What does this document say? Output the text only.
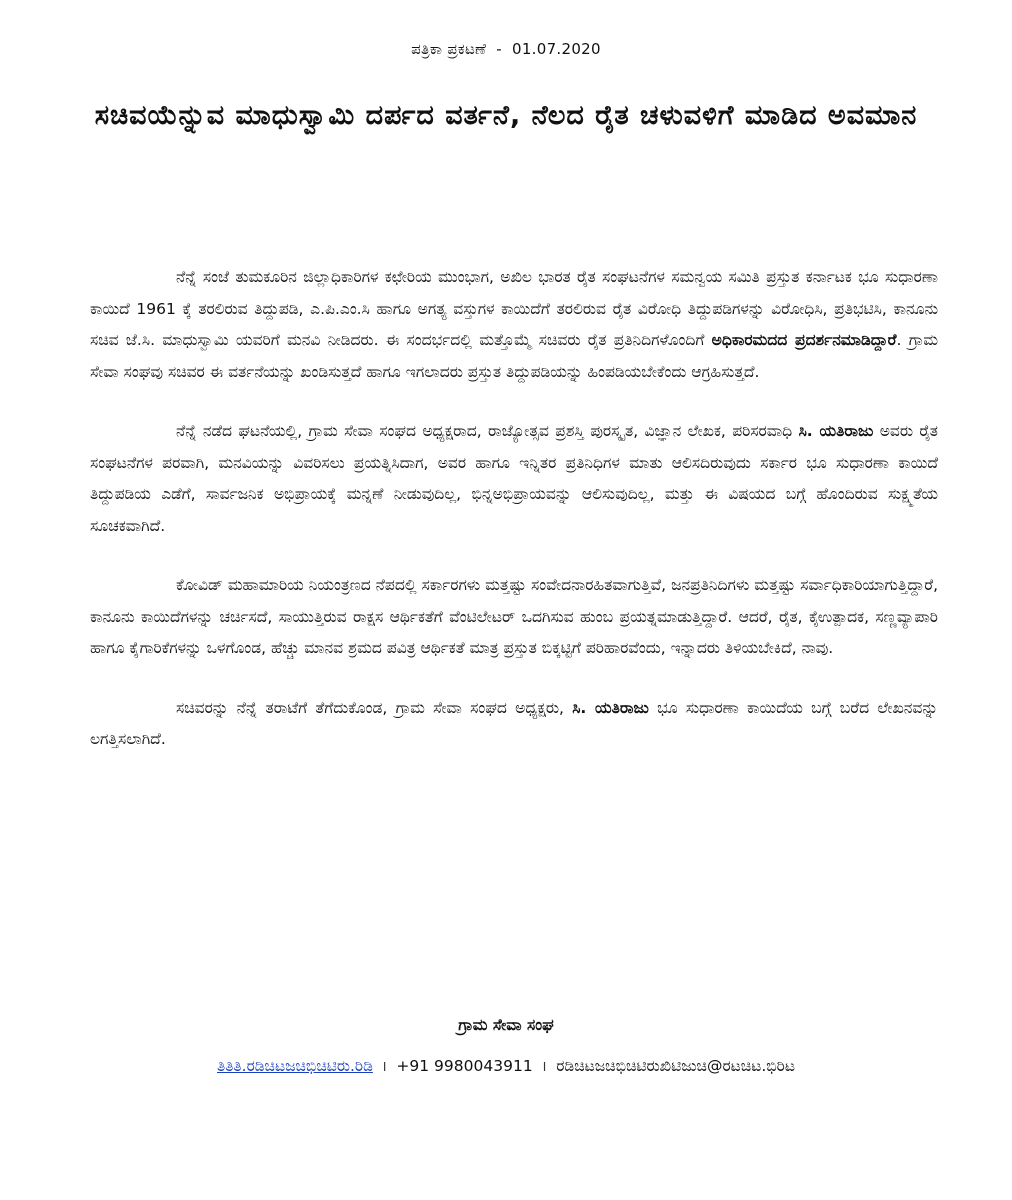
ಪತ್ರಿಕಾ ಪ್ರಕಟಣೆ - 01.07.2020
ಸಚಿವಯೆನ್ನುವ ಮಾಧುಸ್ವಾಮಿ ದರ್ಪದ ವರ್ತನೆ, ನೆಲದ ರೈತ ಚಳುವಳಿಗೆ ಮಾಡಿದ ಅವಮಾನ

ನೆನ್ನೆ ಸಂಜೆ ತುಮಕೂರಿನ ಜಿಲ್ಲಾಧಿಕಾರಿಗಳ ಕಛೇರಿಯ ಮುಂಭಾಗ, ಅಖಿಲ ಭಾರತ ರೈತ ಸಂಘಟನೆಗಳ ಸಮನ್ವಯ ಸಮಿತಿ ಪ್ರಸ್ತುತ ಕರ್ನಾಟಕ ಭೂ ಸುಧಾರಣಾ ಕಾಯಿದೆ 1961 ಕ್ಕೆ ತರಲಿರುವ ತಿದ್ದುಪಡಿ, ಎ.ಪಿ.ಎಂ.ಸಿ ಹಾಗೂ ಅಗತ್ಯ ವಸ್ತುಗಳ ಕಾಯಿದೆಗೆ ತರಲಿರುವ ರೈತ ವಿರೋಧಿ ತಿದ್ದುಪಡಿಗಳನ್ನು ವಿರೋಧಿಸಿ, ಪ್ರತಿಭಟಿಸಿ, ಕಾನೂನು ಸಚಿವ ಜೆ.ಸಿ. ಮಾಧುಸ್ವಾಮಿ ಯವರಿಗೆ ಮನವಿ ನೀಡಿದರು. ಈ ಸಂದರ್ಭದಲ್ಲಿ ಮತ್ತೊಮ್ಮೆ ಸಚಿವರು ರೈತ ಪ್ರತಿನಿದಿಗಳೊಂದಿಗೆ ಅಧಿಕಾರಮದದ ಪ್ರದರ್ಶನಮಾಡಿದ್ದಾರೆ. ಗ್ರಾಮ ಸೇವಾ ಸಂಘವು ಸಚಿವರ ಈ ವರ್ತನೆಯನ್ನು ಖಂಡಿಸುತ್ತದೆ ಹಾಗೂ ಇಗಲಾದರು ಪ್ರಸ್ತುತ ತಿದ್ದುಪಡಿಯನ್ನು ಹಿಂಪಡಿಯಬೇಕೆಂದು ಆಗ್ರಹಿಸುತ್ತದೆ.

ನೆನ್ನೆ ನಡೆದ ಘಟನೆಯಲ್ಲಿ, ಗ್ರಾಮ ಸೇವಾ ಸಂಘದ ಅಧ್ಯಕ್ಷರಾದ, ರಾಜ್ಯೋತ್ಸವ ಪ್ರಶಸ್ತಿ ಪುರಸ್ಕೃತ, ವಿಜ್ಞಾನ ಲೇಖಕ, ಪರಿಸರವಾಧಿ ಸಿ. ಯತಿರಾಜು ಅವರು ರೈತ ಸಂಘಟನೆಗಳ ಪರವಾಗಿ, ಮನವಿಯನ್ನು ವಿವರಿಸಲು ಪ್ರಯತ್ನಿಸಿದಾಗ, ಅವರ ಹಾಗೂ ಇನ್ನಿತರ ಪ್ರತಿನಿಧಿಗಳ ಮಾತು ಆಲಿಸದಿರುವುದು ಸರ್ಕಾರ ಭೂ ಸುಧಾರಣಾ ಕಾಯಿದೆ ತಿದ್ದುಪಡಿಯ ಎಡೆಗೆ, ಸಾರ್ವಜನಿಕ ಅಭಿಪ್ರಾಯಕ್ಕೆ ಮನ್ನಣೆ ನೀಡುವುದಿಲ್ಲ, ಭಿನ್ನಅಭಿಪ್ರಾಯವನ್ನು ಆಲಿಸುವುದಿಲ್ಲ, ಮತ್ತು ಈ ವಿಷಯದ ಬಗ್ಗೆ ಹೊಂದಿರುವ ಸುಕ್ಷ್ಮತೆಯ ಸೂಚಕವಾಗಿದೆ.

ಕೋವಿಡ್ ಮಹಾಮಾರಿಯ ನಿಯಂತ್ರಣದ ನೆಪದಲ್ಲಿ ಸರ್ಕಾರಗಳು ಮತ್ತಷ್ಟು ಸಂವೇದನಾರಹಿತವಾಗುತ್ತಿವೆ, ಜನಪ್ರತಿನಿದಿಗಳು ಮತ್ತಷ್ಟು ಸರ್ವಾಧಿಕಾರಿಯಾಗುತ್ತಿದ್ದಾರೆ, ಕಾನೂನು ಕಾಯಿದೆಗಳನ್ನು ಚರ್ಚಿಸದೆ, ಸಾಯುತ್ತಿರುವ ರಾಕ್ಷಸ ಆರ್ಥಿಕತೆಗೆ ವೆಂಟಿಲೇಟರ್ ಒದಗಿಸುವ ಹುಂಬ ಪ್ರಯತ್ನಮಾಡುತ್ತಿದ್ದಾರೆ. ಆದರೆ, ರೈತ, ಕೈಉತ್ಪಾದಕ, ಸಣ್ಣವ್ಯಾಪಾರಿ ಹಾಗೂ ಕೈಗಾರಿಕೆಗಳನ್ನು ಒಳಗೊಂಡ, ಹೆಚ್ಚು ಮಾನವ ಶ್ರಮದ ಪವಿತ್ರ ಆರ್ಥಿಕತೆ ಮಾತ್ರ ಪ್ರಸ್ತುತ ಬಿಕ್ಕಟ್ಟಿಗೆ ಪರಿಹಾರವೆಂದು, ಇನ್ನಾದರು ತಿಳಿಯಬೇಕಿದೆ, ನಾವು.

ಸಚಿವರನ್ನು ನೆನ್ನೆ ತರಾಟೆಗೆ ತೆಗೆದುಕೊಂಡ, ಗ್ರಾಮ ಸೇವಾ ಸಂಘದ ಅಧ್ಯಕ್ಷರು, ಸಿ. ಯತಿರಾಜು ಭೂ ಸುಧಾರಣಾ ಕಾಯಿದೆಯ ಬಗ್ಗೆ ಬರೆದ ಲೇಖನವನ್ನು ಲಗತ್ತಿಸಲಾಗಿದೆ.

ಗ್ರಾಮ ಸೇವಾ ಸಂಘ
ತಿತಿತಿ.ರಡಿಚಿಟಜಚಿಭಿಚಿಟಿರು.ರಿಡಿ I +91 9980043911 I ರಡಿಚಿಟಜಚಿಭಿಚಿಟಿರುಖಿಟಿಜುಚಿ@ರಟಚಿಟ.ಭಿರಿಟ
